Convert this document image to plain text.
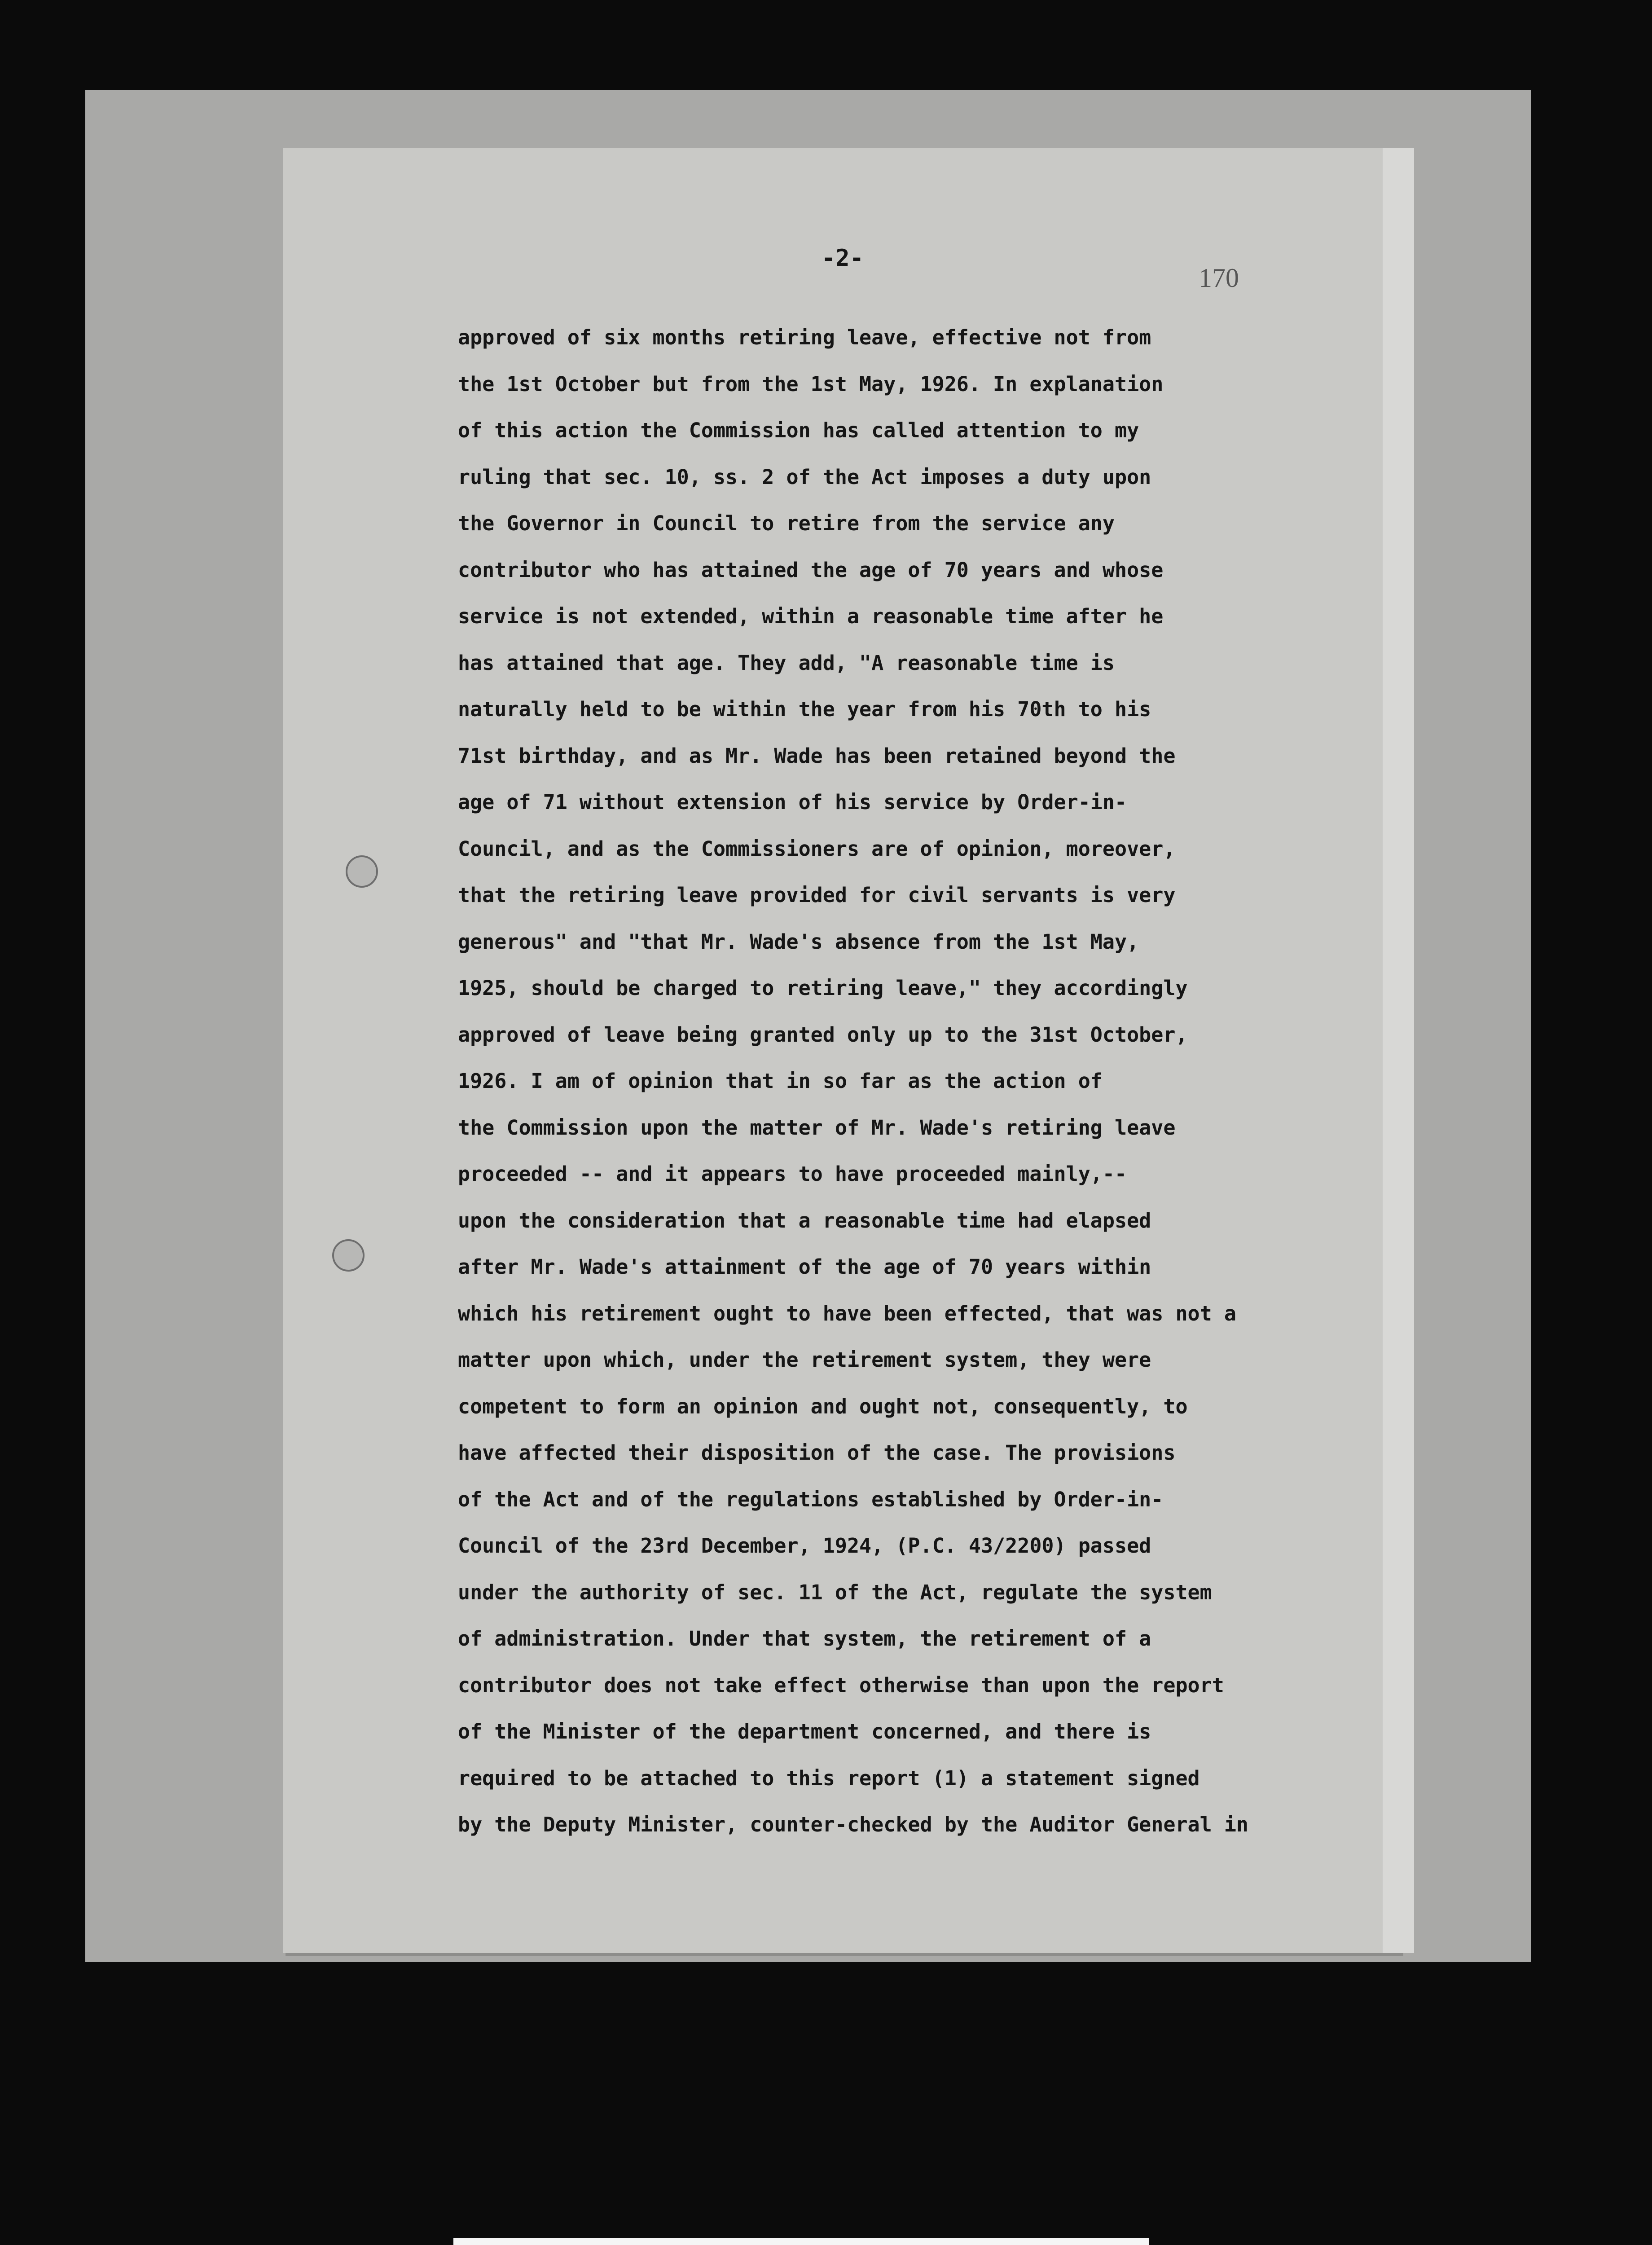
-2-
170
approved of six months retiring leave, effective not from
the 1st October but from the 1st May, 1926. In explanation
of this action the Commission has called attention to my
ruling that sec. 10, ss. 2 of the Act imposes a duty upon
the Governor in Council to retire from the service any
contributor who has attained the age of 70 years and whose
service is not extended, within a reasonable time after he
has attained that age. They add, "A reasonable time is
naturally held to be within the year from his 70th to his
71st birthday, and as Mr. Wade has been retained beyond the
age of 71 without extension of his service by Order-in-
Council, and as the Commissioners are of opinion, moreover,
that the retiring leave provided for civil servants is very
generous" and "that Mr. Wade's absence from the 1st May,
1925, should be charged to retiring leave," they accordingly
approved of leave being granted only up to the 31st October,
1926. I am of opinion that in so far as the action of
the Commission upon the matter of Mr. Wade's retiring leave
proceeded -- and it appears to have proceeded mainly,--
upon the consideration that a reasonable time had elapsed
after Mr. Wade's attainment of the age of 70 years within
which his retirement ought to have been effected, that was not a
matter upon which, under the retirement system, they were
competent to form an opinion and ought not, consequently, to
have affected their disposition of the case. The provisions
of the Act and of the regulations established by Order-in-
Council of the 23rd December, 1924, (P.C. 43/2200) passed
under the authority of sec. 11 of the Act, regulate the system
of administration. Under that system, the retirement of a
contributor does not take effect otherwise than upon the report
of the Minister of the department concerned, and there is
required to be attached to this report (1) a statement signed
by the Deputy Minister, counter-checked by the Auditor General in
